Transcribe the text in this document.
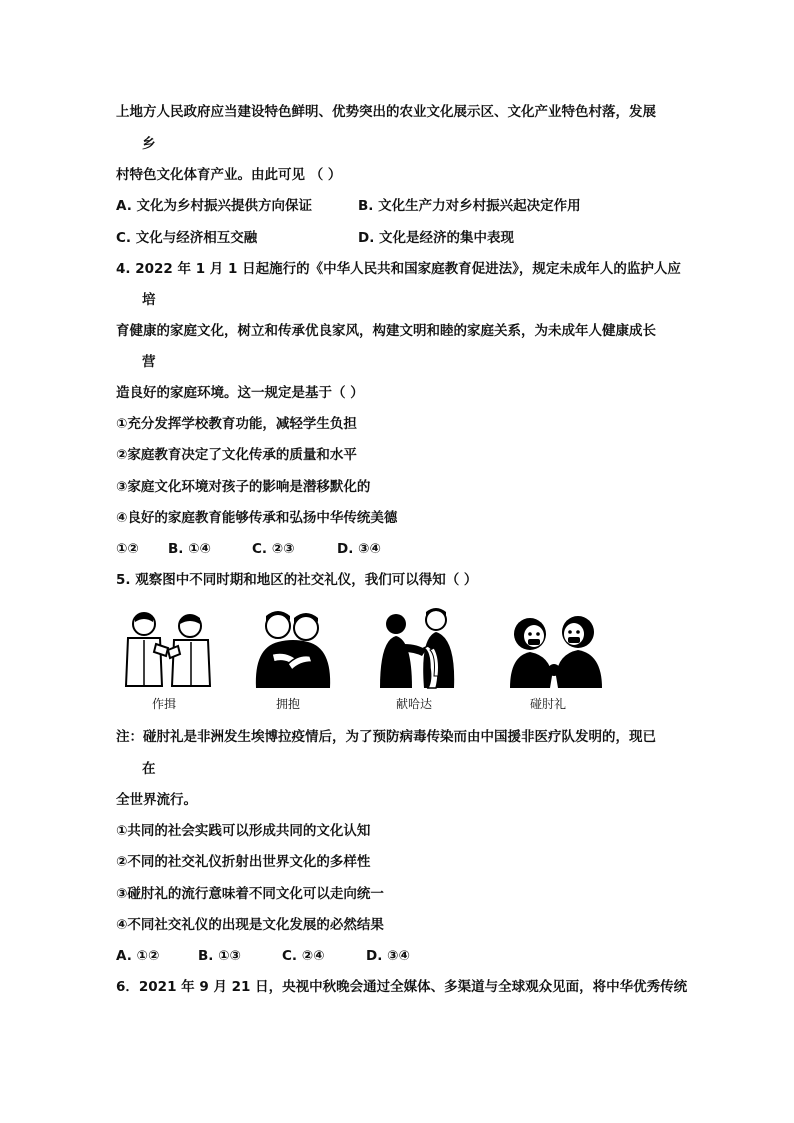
上地方人民政府应当建设特色鲜明、优势突出的农业文化展示区、文化产业特色村落，发展
乡
村特色文化体育产业。由此可见 （ ）
A. 文化为乡村振兴提供方向保证	B. 文化生产力对乡村振兴起决定作用
C. 文化与经济相互交融	D. 文化是经济的集中表现
4. 2022 年 1 月 1 日起施行的《中华人民共和国家庭教育促进法》，规定未成年人的监护人应
培
育健康的家庭文化，树立和传承优良家风，构建文明和睦的家庭关系，为未成年人健康成长
营
造良好的家庭环境。这一规定是基于（ ）
①充分发挥学校教育功能，减轻学生负担
②家庭教育决定了文化传承的质量和水平
③家庭文化环境对孩子的影响是潜移默化的
④良好的家庭教育能够传承和弘扬中华传统美德
①② B. ①④	C. ②③	D. ③④
5. 观察图中不同时期和地区的社交礼仪，我们可以得知（ ）
作揖	拥抱	献哈达	碰肘礼
注：碰肘礼是非洲发生埃博拉疫情后，为了预防病毒传染而由中国援非医疗队发明的，现已
在
全世界流行。
①共同的社会实践可以形成共同的文化认知
②不同的社交礼仪折射出世界文化的多样性
③碰肘礼的流行意味着不同文化可以走向统一
④不同社交礼仪的出现是文化发展的必然结果
A. ①②	B. ①③	C. ②④	D. ③④
6．2021 年 9 月 21 日，央视中秋晚会通过全媒体、多渠道与全球观众见面，将中华优秀传统
